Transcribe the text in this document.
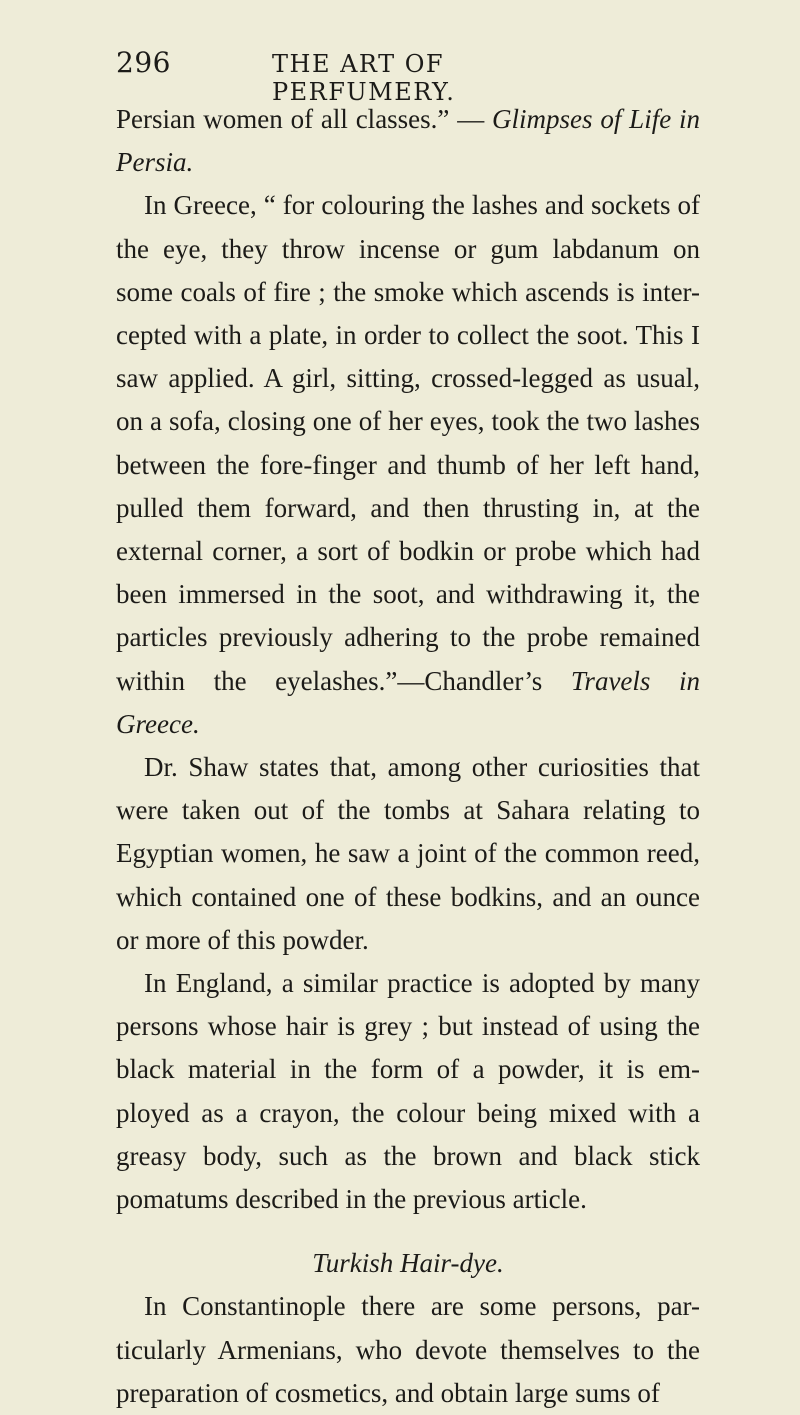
296	THE ART OF PERFUMERY.

Persian women of all classes.” — Glimpses of Life in Persia.

In Greece, “ for colouring the lashes and sockets of the eye, they throw incense or gum labdanum on some coals of fire ; the smoke which ascends is inter-cepted with a plate, in order to collect the soot. This I saw applied. A girl, sitting, crossed-legged as usual, on a sofa, closing one of her eyes, took the two lashes between the fore-finger and thumb of her left hand, pulled them forward, and then thrusting in, at the external corner, a sort of bodkin or probe which had been immersed in the soot, and withdrawing it, the particles previously adhering to the probe remained within the eyelashes.”—Chandler’s Travels in Greece.

Dr. Shaw states that, among other curiosities that were taken out of the tombs at Sahara relating to Egyptian women, he saw a joint of the common reed, which contained one of these bodkins, and an ounce or more of this powder.

In England, a similar practice is adopted by many persons whose hair is grey ; but instead of using the black material in the form of a powder, it is em-ployed as a crayon, the colour being mixed with a greasy body, such as the brown and black stick pomatums described in the previous article.

Turkish Hair-dye.

In Constantinople there are some persons, par-ticularly Armenians, who devote themselves to the preparation of cosmetics, and obtain large sums of
